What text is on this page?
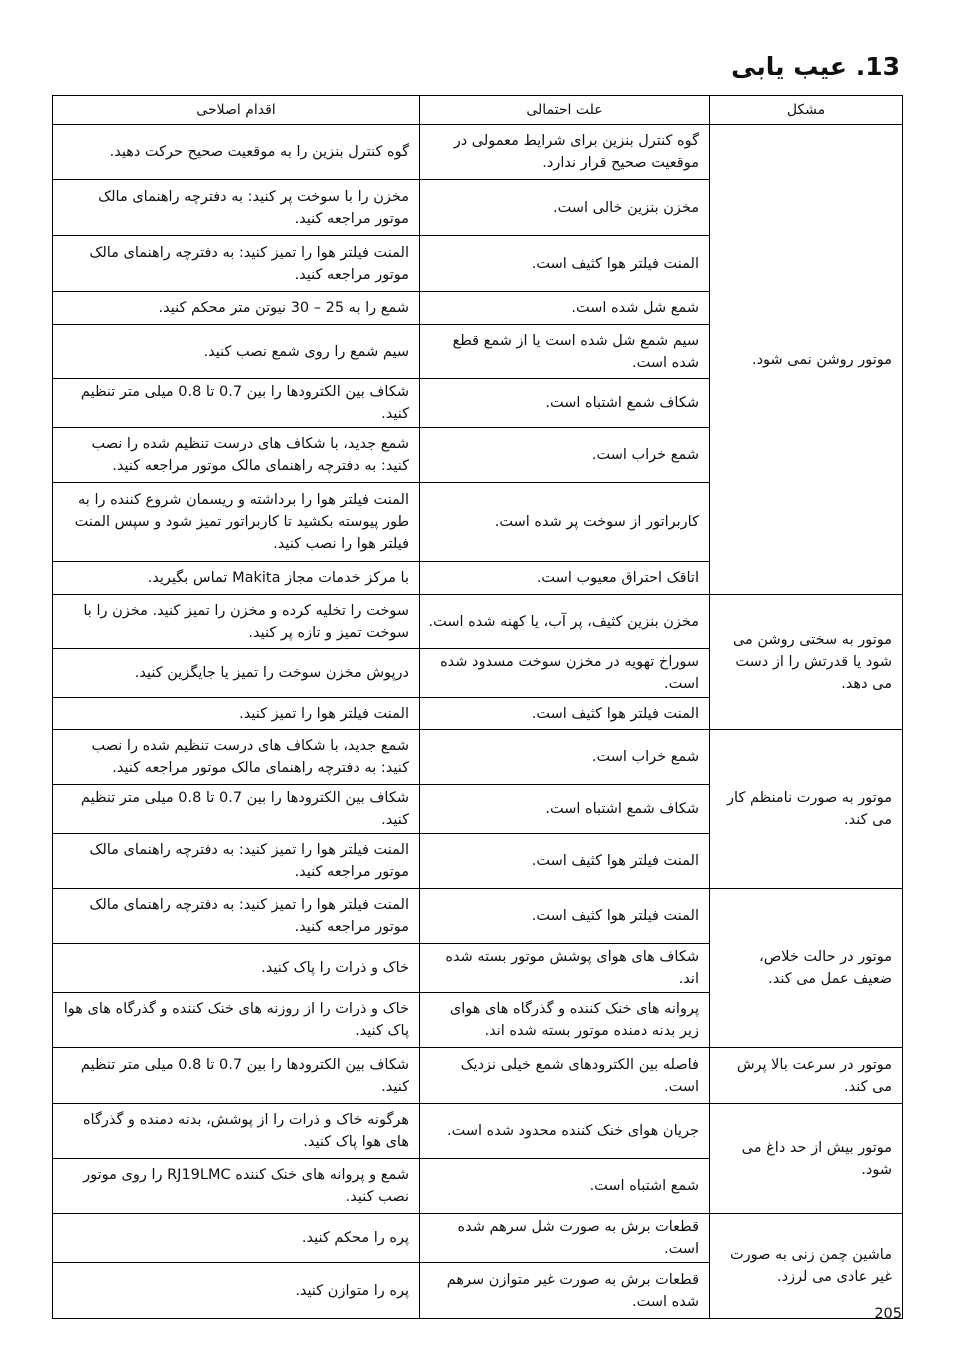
13. عیب یابی
مشکل	علت احتمالی	اقدام اصلاحی
موتور روشن نمی شود.	گوه کنترل بنزین برای شرایط معمولی در موقعیت صحیح قرار ندارد.	گوه کنترل بنزین را به موقعیت صحیح حرکت دهید.
	مخزن بنزین خالی است.	مخزن را با سوخت پر کنید: به دفترچه راهنمای مالک موتور مراجعه کنید.
	المنت فیلتر هوا کثیف است.	المنت فیلتر هوا را تمیز کنید: به دفترچه راهنمای مالک موتور مراجعه کنید.
	شمع شل شده است.	شمع را به 25 – 30 نیوتن متر محکم کنید.
	سیم شمع شل شده است یا از شمع قطع شده است.	سیم شمع را روی شمع نصب کنید.
	شکاف شمع اشتباه است.	شکاف بین الکترودها را بین 0.7 تا 0.8 میلی متر تنظیم کنید.
	شمع خراب است.	شمع جدید، با شکاف های درست تنظیم شده را نصب کنید: به دفترچه راهنمای مالک موتور مراجعه کنید.
	کاربراتور از سوخت پر شده است.	المنت فیلتر هوا را برداشته و ریسمان شروع کننده را به طور پیوسته بکشید تا کاربراتور تمیز شود و سپس المنت فیلتر هوا را نصب کنید.
	اتاقک احتراق معیوب است.	با مرکز خدمات مجاز Makita تماس بگیرید.
موتور به سختی روشن می شود یا قدرتش را از دست می دهد.	مخزن بنزین کثیف، پر آب، یا کهنه شده است.	سوخت را تخلیه کرده و مخزن را تمیز کنید. مخزن را با سوخت تمیز و تازه پر کنید.
	سوراخ تهویه در مخزن سوخت مسدود شده است.	درپوش مخزن سوخت را تمیز یا جایگزین کنید.
	المنت فیلتر هوا کثیف است.	المنت فیلتر هوا را تمیز کنید.
موتور به صورت نامنظم کار می کند.	شمع خراب است.	شمع جدید، با شکاف های درست تنظیم شده را نصب کنید: به دفترچه راهنمای مالک موتور مراجعه کنید.
	شکاف شمع اشتباه است.	شکاف بین الکترودها را بین 0.7 تا 0.8 میلی متر تنظیم کنید.
	المنت فیلتر هوا کثیف است.	المنت فیلتر هوا را تمیز کنید: به دفترچه راهنمای مالک موتور مراجعه کنید.
موتور در حالت خلاص، ضعیف عمل می کند.	المنت فیلتر هوا کثیف است.	المنت فیلتر هوا را تمیز کنید: به دفترچه راهنمای مالک موتور مراجعه کنید.
	شکاف های هوای پوشش موتور بسته شده اند.	خاک و ذرات را پاک کنید.
	پروانه های خنک کننده و گذرگاه های هوای زیر بدنه دمنده موتور بسته شده اند.	خاک و ذرات را از روزنه های خنک کننده و گذرگاه های هوا پاک کنید.
موتور در سرعت بالا پرش می کند.	فاصله بین الکترودهای شمع خیلی نزدیک است.	شکاف بین الکترودها را بین 0.7 تا 0.8 میلی متر تنظیم کنید.
موتور بیش از حد داغ می شود.	جریان هوای خنک کننده محدود شده است.	هرگونه خاک و ذرات را از پوشش، بدنه دمنده و گذرگاه های هوا پاک کنید.
	شمع اشتباه است.	شمع و پروانه های خنک کننده RJ19LMC را روی موتور نصب کنید.
ماشین چمن زنی به صورت غیر عادی می لرزد.	قطعات برش به صورت شل سرهم شده است.	پره را محکم کنید.
	قطعات برش به صورت غیر متوازن سرهم شده است.	پره را متوازن کنید.
205
